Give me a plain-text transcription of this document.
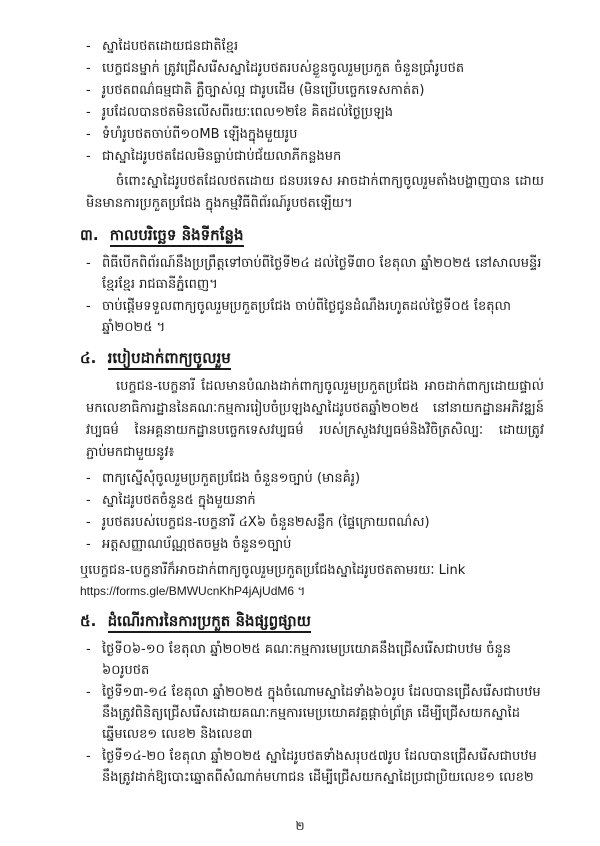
- ស្នាដៃបថតដោយជនជាតិខ្មែរ
- បេក្ខជនម្នាក់ ត្រូវជ្រើសរើសស្នាដៃរូបថតរបស់ខ្លួនចូលរួមប្រកួត ចំនួនប្រាំរូបថត
- រូបថតពណ៌ធម្មជាតិ ភ្លឺច្បាស់ល្អ ជារូបដើម (មិនប្រើបច្ចេកទេសកាត់ត)
- រូបដែលបានថតមិនលើសពីរយៈពេល១២ខែ គិតដល់ថ្ងៃប្រឡង
- ទំហំរូបថតចាប់ពី១០MB ឡើងក្នុងមួយរូប
- ជាស្នាដៃរូបថតដែលមិនធ្លាប់ជាប់ជ័យលាភីកន្លងមក

ចំពោះស្នាដៃរូបថតដែលថតដោយ ជនបរទេស អាចដាក់ពាក្យចូលរួមតាំងបង្ហាញបាន ដោយមិនមានការប្រកួតប្រជែង ក្នុងកម្មវិធីពិព័រណ៍រូបថតឡើយ។

៣. កាលបរិច្ឆេទ និងទីកន្លែង
- ពិធីបើកពិព័រណ៍នឹងប្រព្រឹត្តទៅចាប់ពីថ្ងៃទី២៤ ដល់ថ្ងៃទី៣០ ខែតុលា ឆ្នាំ២០២៥ នៅសាលមន្ទីរខ្មែរខ្មែរ រាជធានីភ្នំពេញ។
- ចាប់ផ្តើមទទួលពាក្យចូលរួមប្រកួតប្រជែង ចាប់ពីថ្ងៃជូនដំណឹងរហូតដល់ថ្ងៃទី០៥ ខែតុលា ឆ្នាំ២០២៥ ។
៤. របៀបដាក់ពាក្យចូលរួម

បេក្ខជន-បេក្ខនារី ដែលមានបំណងដាក់ពាក្យចូលរួមប្រកួតប្រជែង អាចដាក់ពាក្យដោយផ្ទាល់មកលេខាធិការដ្ឋាននៃគណៈកម្មការរៀបចំប្រឡងស្នាដៃរូបថតឆ្នាំ២០២៥ នៅនាយកដ្ឋានអភិវឌ្ឍន៍វប្បធម៌ នៃអគ្គនាយកដ្ឋានបច្ចេកទេសវប្បធម៌ របស់ក្រសួងវប្បធម៌និងវិចិត្រសិល្បៈ ដោយត្រូវភ្ជាប់មកជាមួយនូវ៖

- ពាក្យស្នើសុំចូលរួមប្រកួតប្រជែង ចំនួន១ច្បាប់ (មានគំរូ)
- ស្នាដៃរូបថតចំនួន៥ ក្នុងមួយនាក់
- រូបថតរបស់បេក្ខជន-បេក្ខនារី ៤X៦ ចំនួន២សន្លឹក (ផ្ទៃក្រោយពណ៌ស)
- អត្តសញ្ញាណប័ណ្ណថតចម្លង ចំនួន១ច្បាប់
ឬបេក្ខជន-បេក្ខនារីក៏អាចដាក់ពាក្យចូលរួមប្រកួតប្រជែងស្នាដៃរូបថតតាមរយៈ Link
https://forms.gle/BMWUcnKhP4jAjUdM6 ។
៥. ដំណើរការនៃការប្រកួត និងផ្សព្វផ្សាយ
- ថ្ងៃទី០៦-១០ ខែតុលា ឆ្នាំ២០២៥ គណៈកម្មការមេប្រយោគនឹងជ្រើសរើសជាបឋម ចំនួន ៦០រូបថត
- ថ្ងៃទី១៣-១៤ ខែតុលា ឆ្នាំ២០២៥ ក្នុងចំណោមស្នាដៃទាំង៦០រូប ដែលបានជ្រើសរើសជាបឋម នឹងត្រូវពិនិត្យជ្រើសរើសដោយគណៈកម្មការមេប្រយោគវគ្គផ្តាច់ព្រ័ត្រ ដើម្បីជ្រើសយកស្នាដៃឆ្នើមលេខ១ លេខ២ និងលេខ៣
- ថ្ងៃទី១៤-២០ ខែតុលា ឆ្នាំ២០២៥ ស្នាដៃរូបថតទាំងសរុប៥៧រូប ដែលបានជ្រើសរើសជាបឋម នឹងត្រូវដាក់ឱ្យបោះឆ្នោតពីសំណាក់មហាជន ដើម្បីជ្រើសយកស្នាដៃប្រជាប្រិយលេខ១ លេខ២
២
